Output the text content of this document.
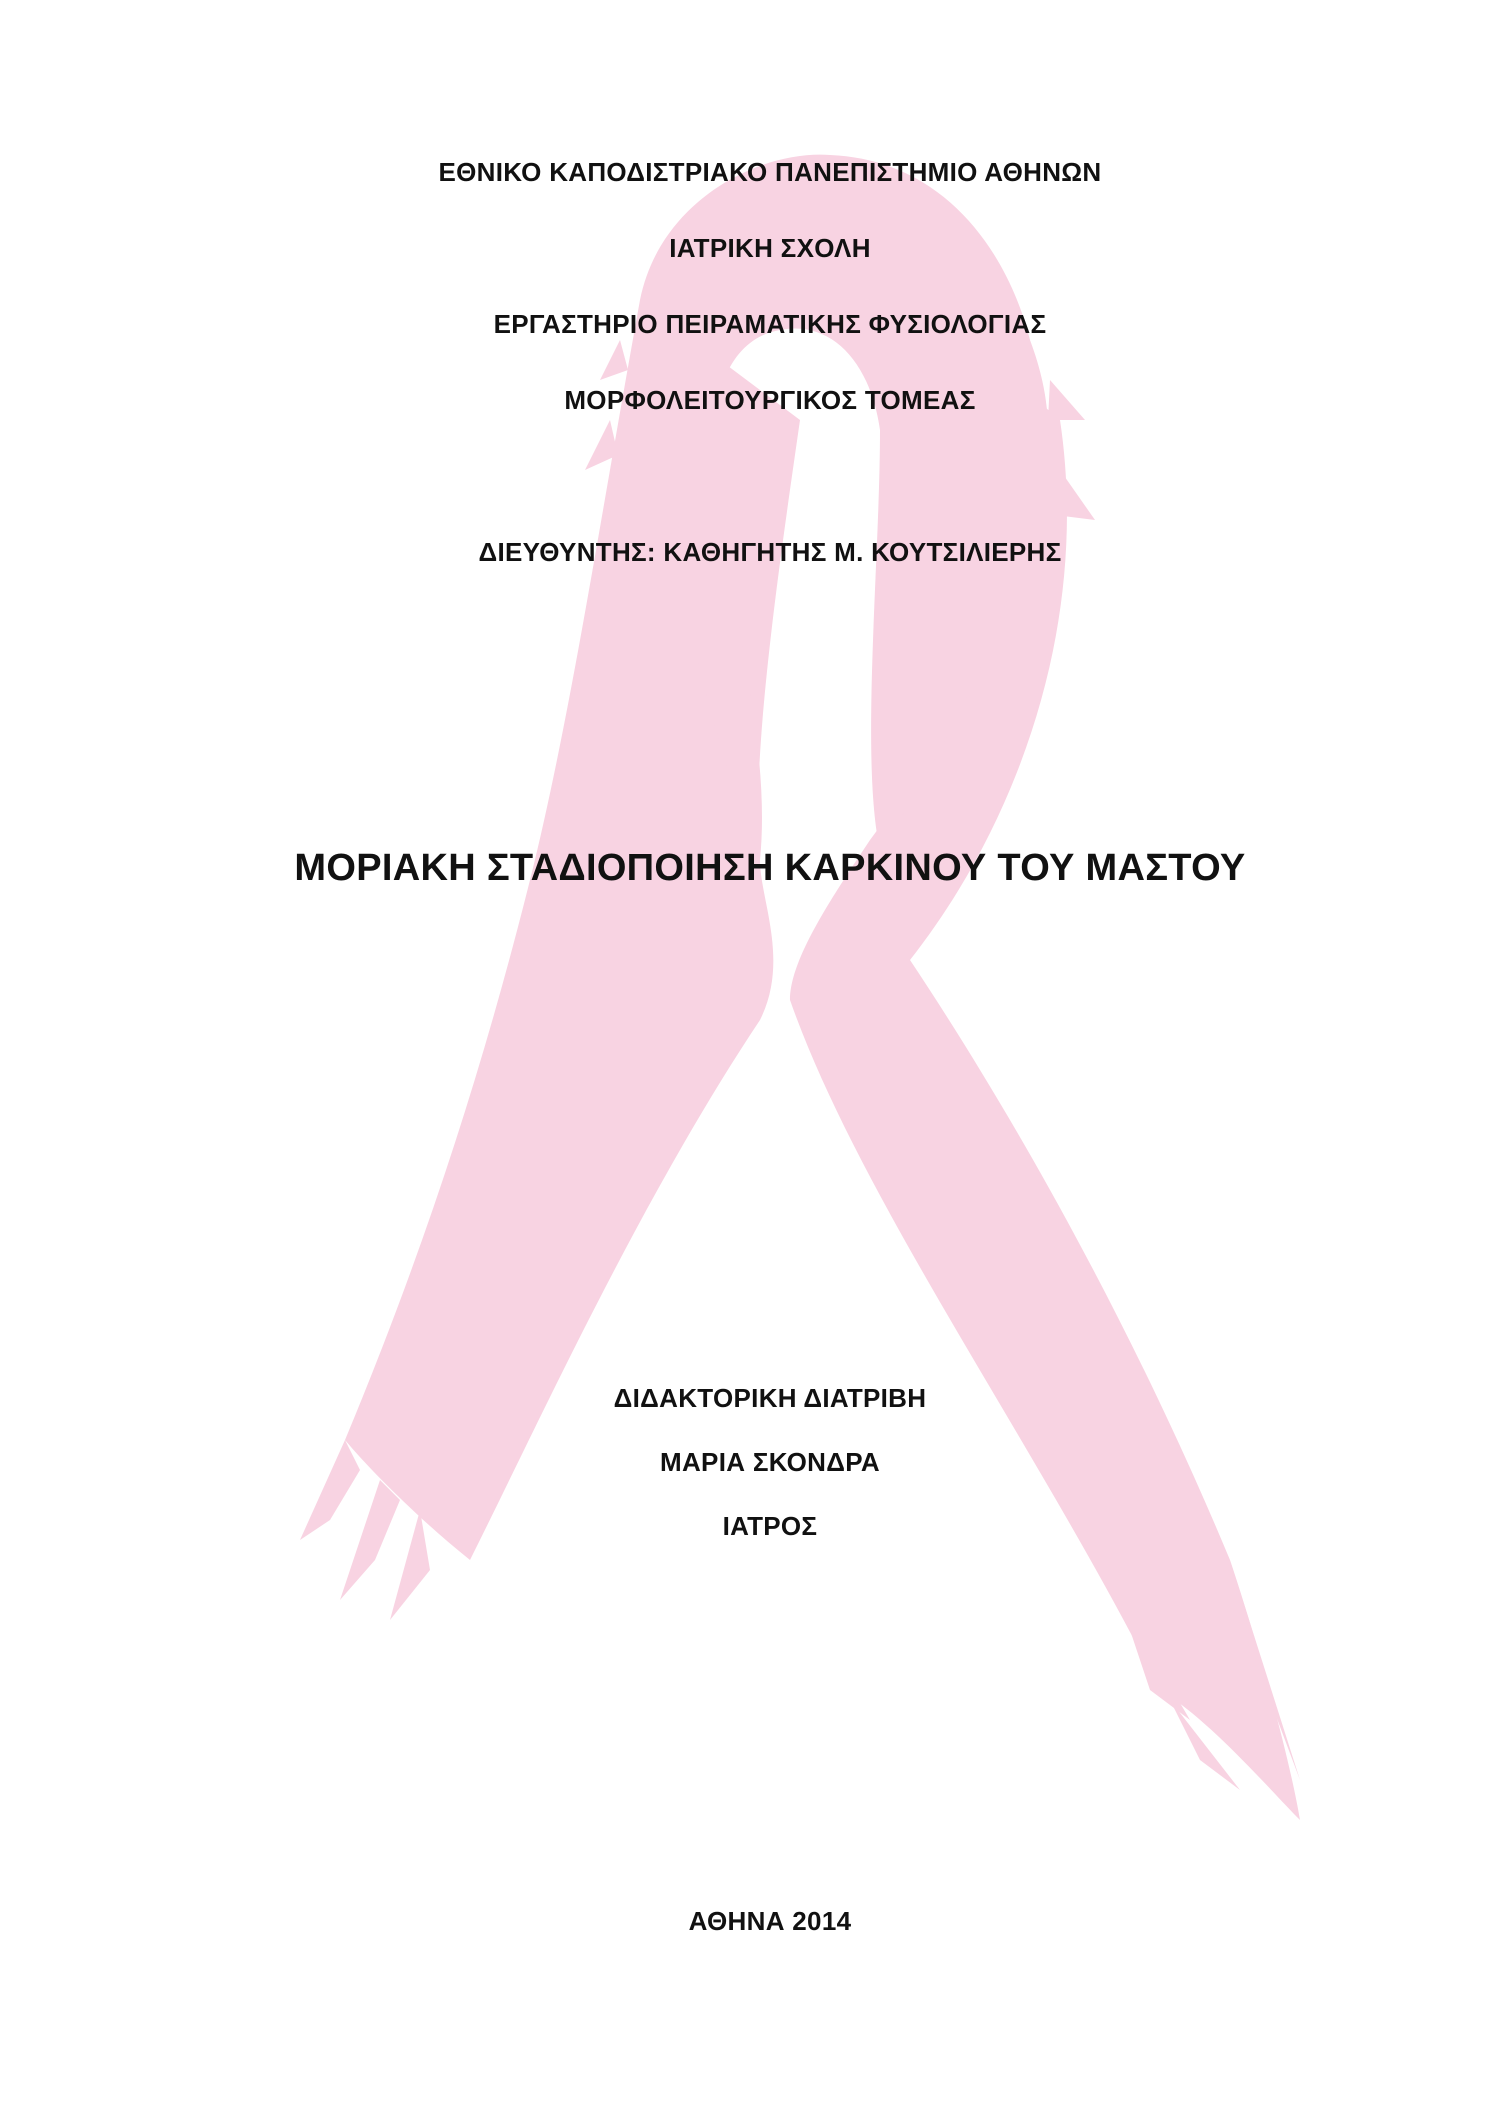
ΕΘΝΙΚΟ ΚΑΠΟΔΙΣΤΡΙΑΚΟ ΠΑΝΕΠΙΣΤΗΜΙΟ ΑΘΗΝΩΝ
ΙΑΤΡΙΚΗ ΣΧΟΛΗ
ΕΡΓΑΣΤΗΡΙΟ ΠΕΙΡΑΜΑΤΙΚΗΣ ΦΥΣΙΟΛΟΓΙΑΣ
ΜΟΡΦΟΛΕΙΤΟΥΡΓΙΚΟΣ ΤΟΜΕΑΣ
ΔΙΕΥΘΥΝΤΗΣ: ΚΑΘΗΓΗΤΗΣ Μ. ΚΟΥΤΣΙΛΙΕΡΗΣ
ΜΟΡΙΑΚΗ ΣΤΑΔΙΟΠΟΙΗΣΗ ΚΑΡΚΙΝΟΥ ΤΟΥ ΜΑΣΤΟΥ
ΔΙΔΑΚΤΟΡΙΚΗ ΔΙΑΤΡΙΒΗ
ΜΑΡΙΑ ΣΚΟΝΔΡΑ
ΙΑΤΡΟΣ
ΑΘΗΝΑ 2014
